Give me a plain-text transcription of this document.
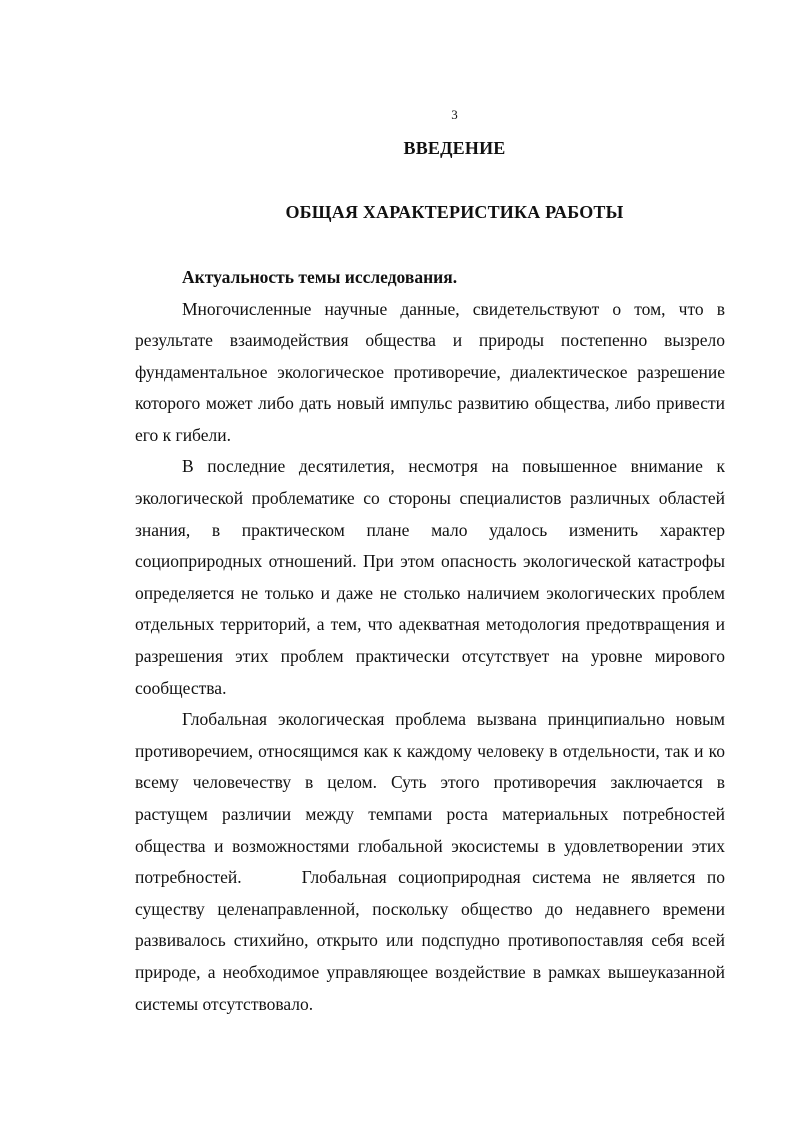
3
ВВЕДЕНИЕ
ОБЩАЯ ХАРАКТЕРИСТИКА РАБОТЫ

Актуальность темы исследования.

Многочисленные научные данные, свидетельствуют о том, что в результате взаимодействия общества и природы постепенно вызрело фундаментальное экологическое противоречие, диалектическое разрешение которого может либо дать новый импульс развитию общества, либо привести его к гибели.

В последние десятилетия, несмотря на повышенное внимание к экологической проблематике со стороны специалистов различных областей знания, в практическом плане мало удалось изменить характер социоприродных отношений. При этом опасность экологической катастрофы определяется не только и даже не столько наличием экологических проблем отдельных территорий, а тем, что адекватная методология предотвращения и разрешения этих проблем практически отсутствует на уровне мирового сообщества.

Глобальная экологическая проблема вызвана принципиально новым противоречием, относящимся как к каждому человеку в отдельности, так и ко всему человечеству в целом. Суть этого противоречия заключается в растущем различии между темпами роста материальных потребностей общества и возможностями глобальной экосистемы в удовлетворении этих потребностей.	Глобальная социоприродная система не является по существу целенаправленной, поскольку общество до недавнего времени развивалось стихийно, открыто или подспудно противопоставляя себя всей природе, а необходимое управляющее воздействие в рамках вышеуказанной системы отсутствовало.
